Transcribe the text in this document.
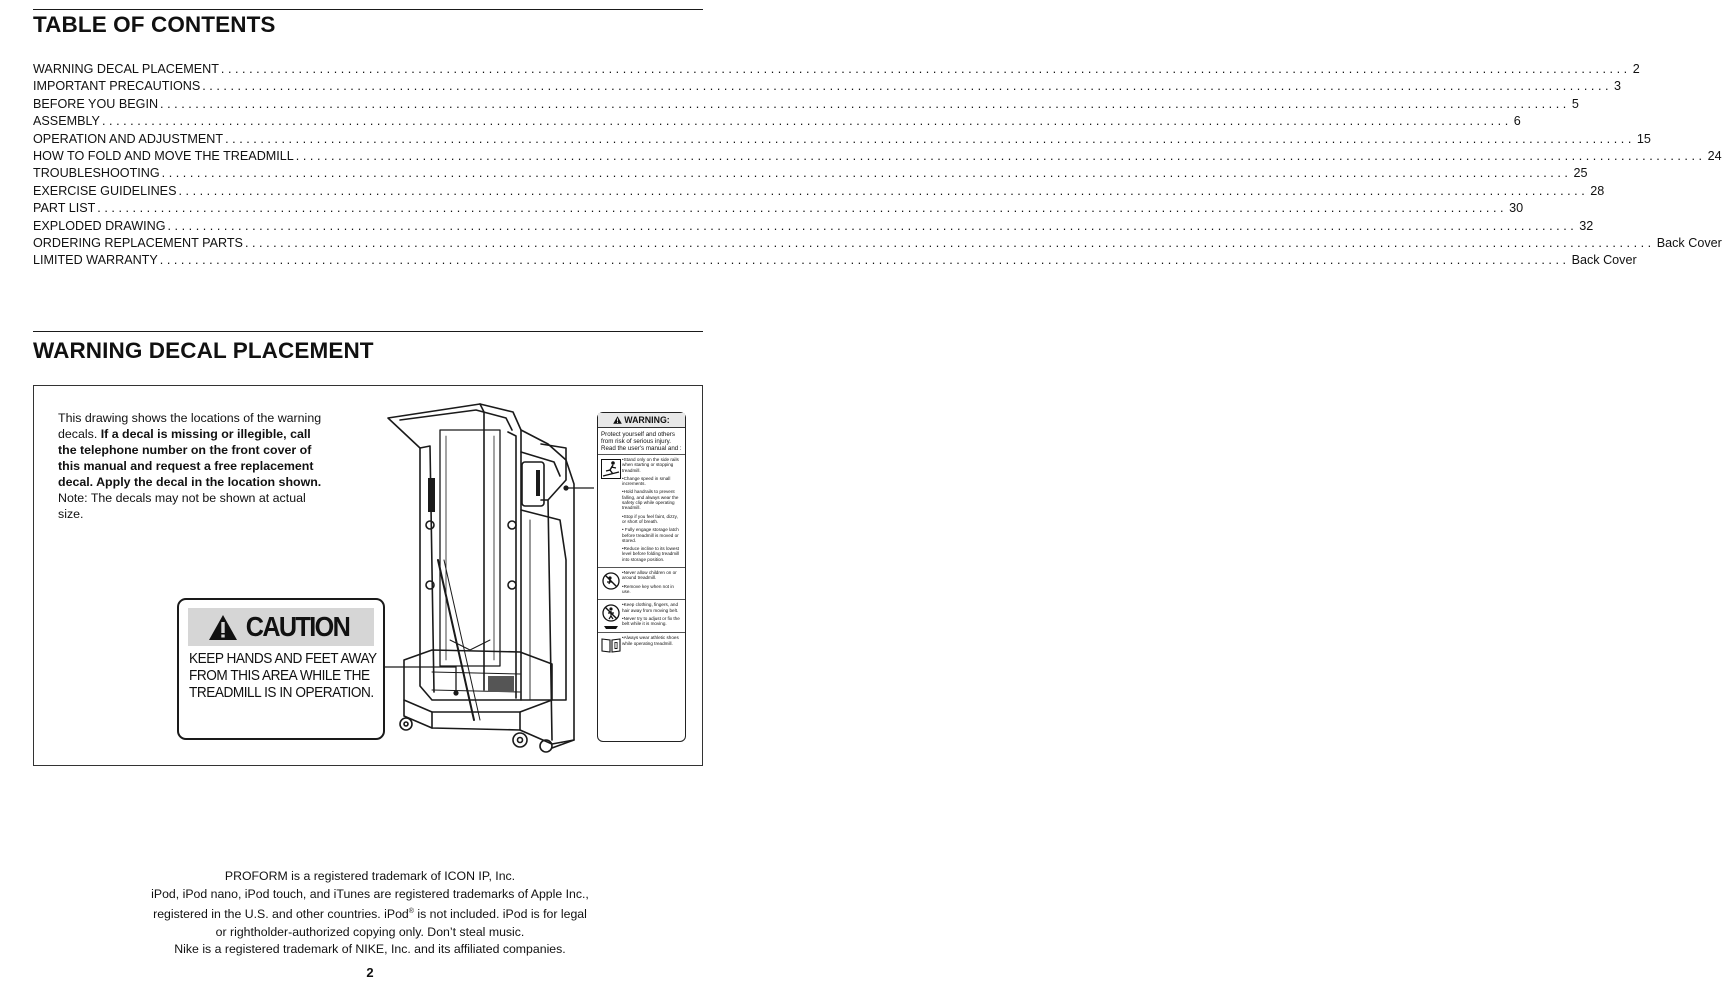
TABLE OF CONTENTS
WARNING DECAL PLACEMENT ........................................................................................................................................................................................................ 2
IMPORTANT PRECAUTIONS ........................................................................................................................................................................................................ 3
BEFORE YOU BEGIN ........................................................................................................................................................................................................ 5
ASSEMBLY ........................................................................................................................................................................................................ 6
OPERATION AND ADJUSTMENT ........................................................................................................................................................................................................ 15
HOW TO FOLD AND MOVE THE TREADMILL ........................................................................................................................................................................................................ 24
TROUBLESHOOTING ........................................................................................................................................................................................................ 25
EXERCISE GUIDELINES ........................................................................................................................................................................................................ 28
PART LIST ........................................................................................................................................................................................................ 30
EXPLODED DRAWING ........................................................................................................................................................................................................ 32
ORDERING REPLACEMENT PARTS ........................................................................................................................................................................................................ Back Cover
LIMITED WARRANTY ........................................................................................................................................................................................................ Back Cover
WARNING DECAL PLACEMENT
This drawing shows the locations of the warning decals. If a decal is missing or illegible, call the telephone number on the front cover of this manual and request a free replacement decal. Apply the decal in the location shown. Note: The decals may not be shown at actual size.
CAUTION
KEEP HANDS AND FEET AWAY
FROM THIS AREA WHILE THE
TREADMILL IS IN OPERATION.
WARNING:
Protect yourself and others from risk of serious injury. Read the user's manual and :
•Stand only on the side rails when starting or stopping treadmill.
•Change speed in small increments.
•Hold handrails to prevent falling, and always wear the safety clip while operating treadmill.
•Stop if you feel faint, dizzy, or short of breath.
• Fully engage storage latch before treadmill is moved or stored.
•Reduce incline to its lowest level before folding treadmill into storage position.
•Never allow children on or around treadmill.
•Remove key when not in use.
•Keep clothing, fingers, and hair away from moving belt.
•Never try to adjust or fix the belt while it is moving.
•Always wear athletic shoes while operating treadmill.
PROFORM is a registered trademark of ICON IP, Inc.
iPod, iPod nano, iPod touch, and iTunes are registered trademarks of Apple Inc.,
registered in the U.S. and other countries. iPod® is not included. iPod is for legal
or rightholder-authorized copying only. Don’t steal music.
Nike is a registered trademark of NIKE, Inc. and its affiliated companies.
2
